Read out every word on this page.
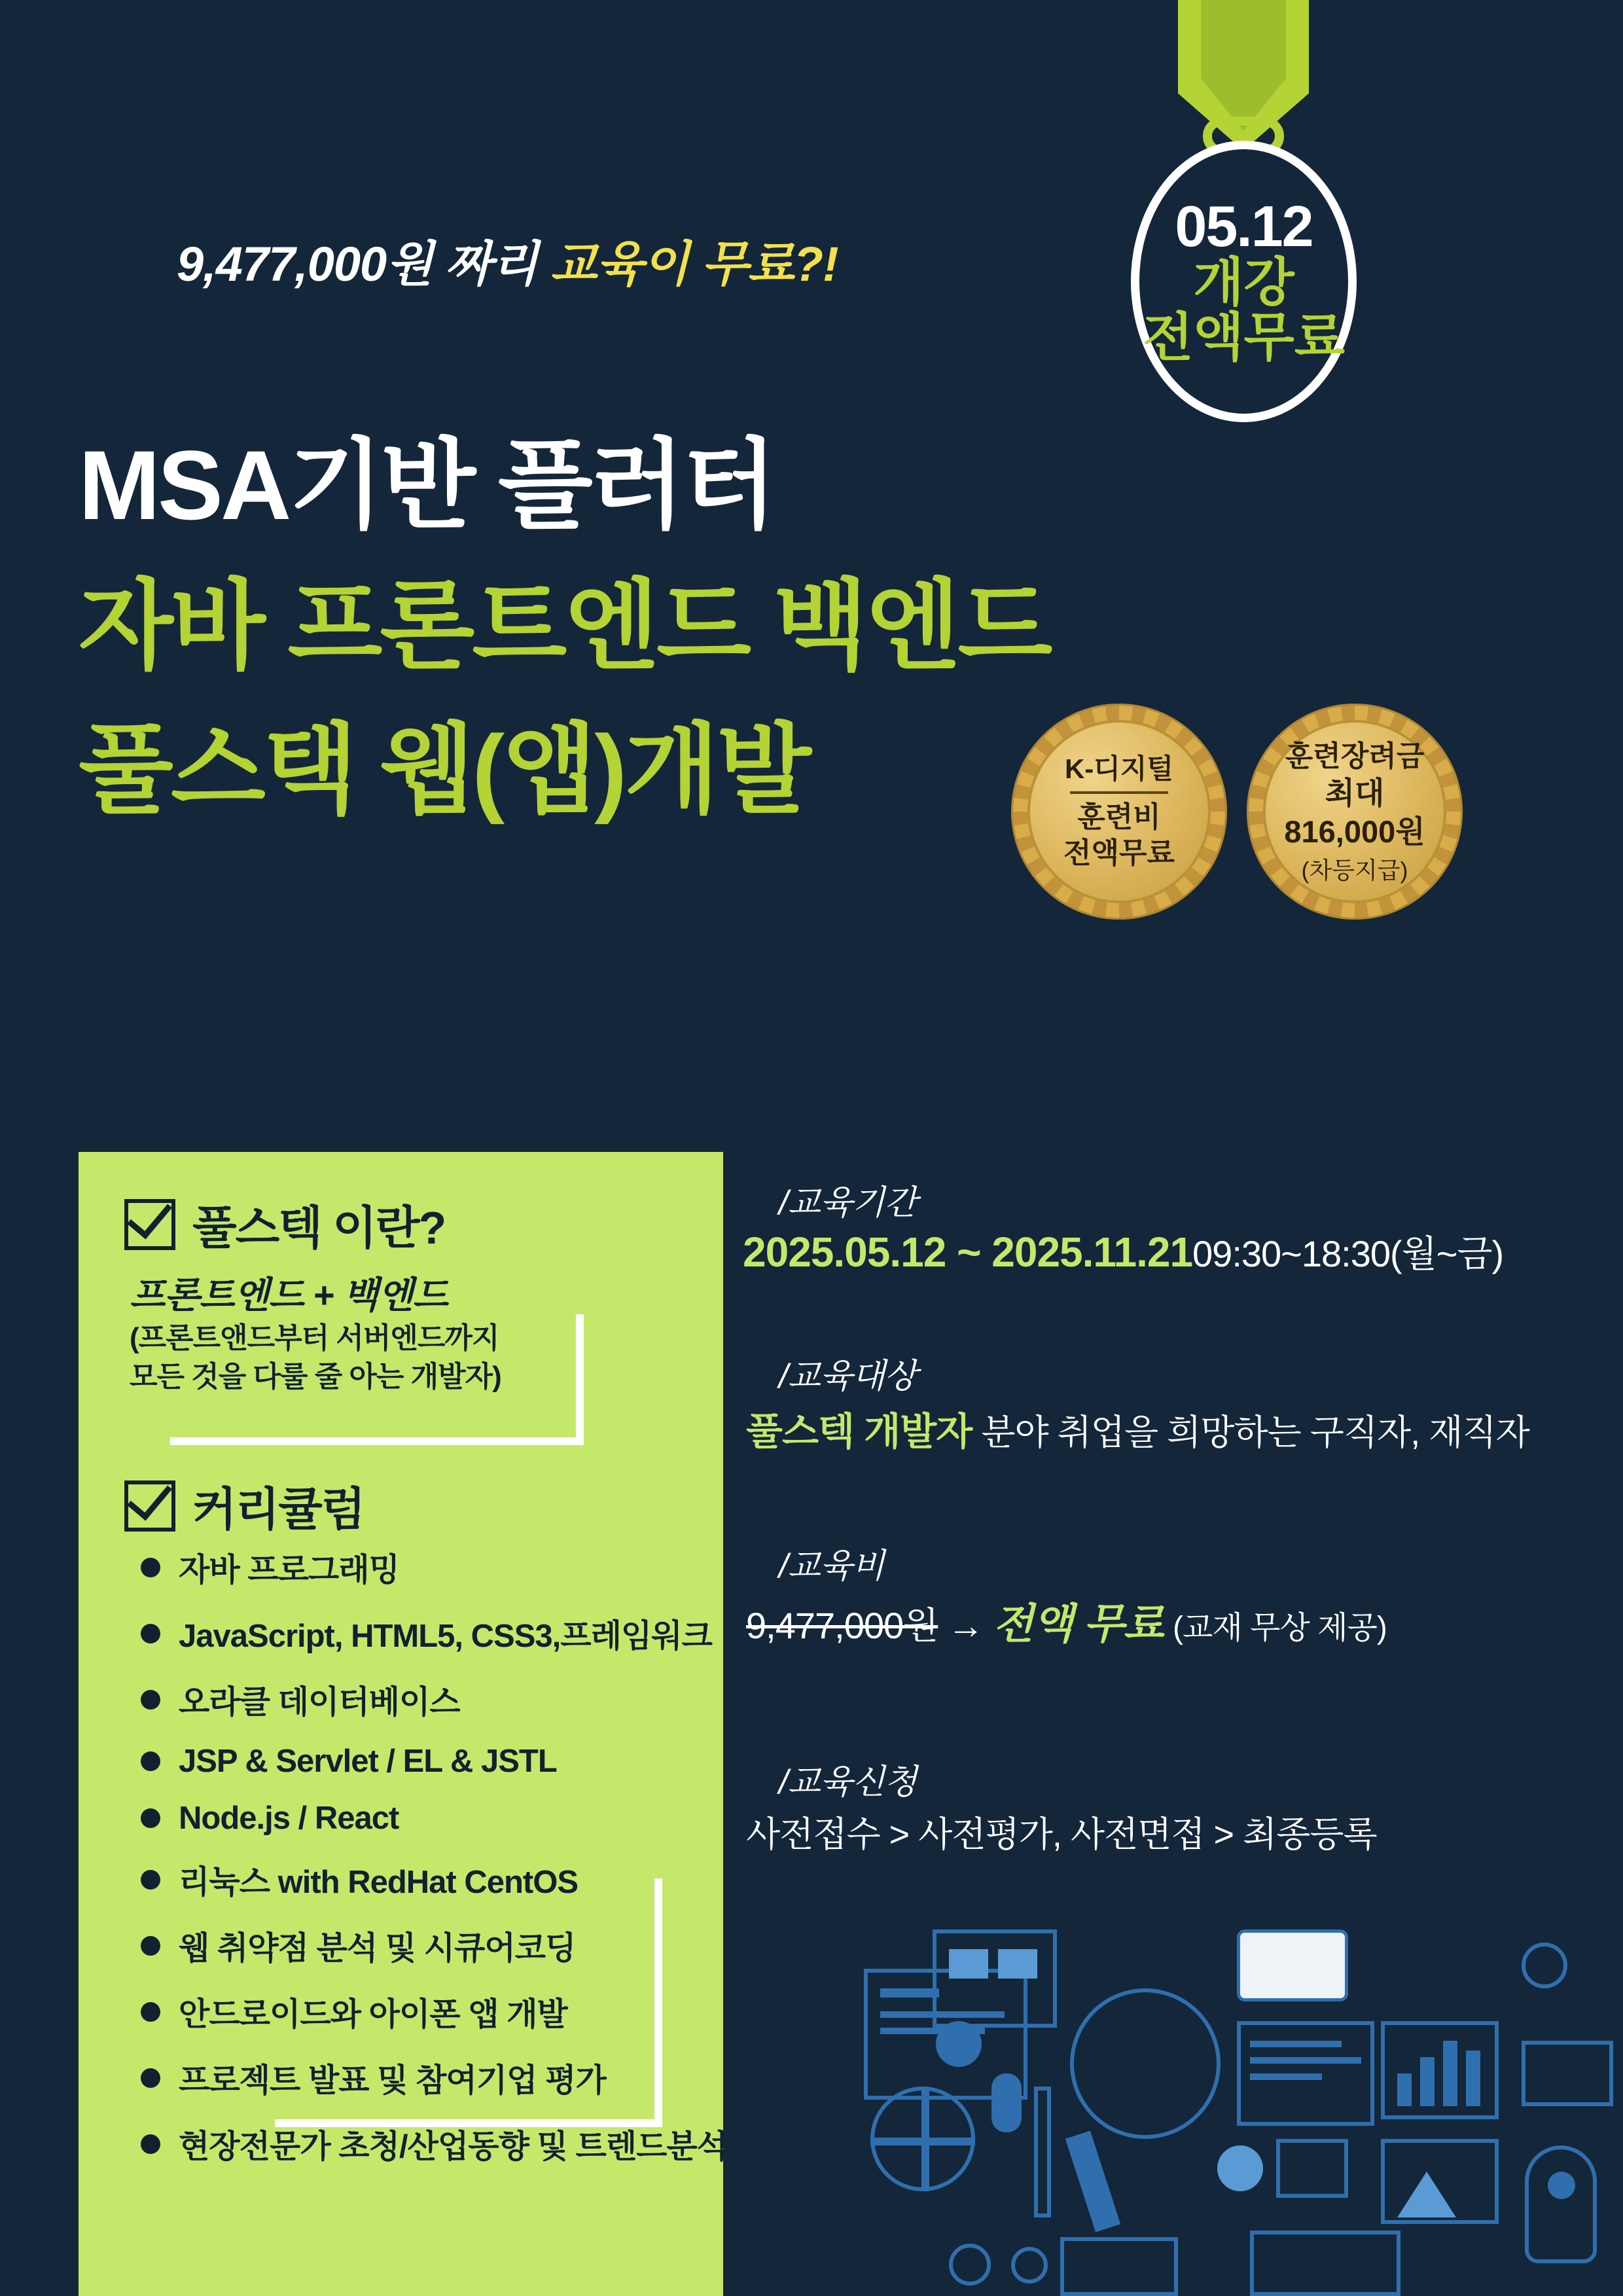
05.12
개강
전액무료
9,477,000원 짜리 교육이 무료?!
MSA기반 플러터
자바 프론트엔드 백엔드
풀스택 웹(앱)개발	K-디지털
훈련비
전액무료
훈련장려금
최대 816,000원
(차등지급)
풀스텍 이란?
프론트엔드 + 백엔드
(프론트앤드부터 서버엔드까지
모든 것을 다룰 줄 아는 개발자)
커리큘럼
자바 프로그래밍
JavaScript, HTML5, CSS3,프레임워크
오라클 데이터베이스
JSP & Servlet / EL & JSTL
Node.js / React
리눅스 with RedHat CentOS
웹 취약점 분석 및 시큐어코딩
안드로이드와 아이폰 앱 개발
프로젝트 발표 및 참여기업 평가
현장전문가 초청/산업동향 및 트렌드분석
/교육기간
2025.05.12 ~ 2025.11.2109:30~18:30(월~금)
/교육대상
풀스텍 개발자 분야 취업을 희망하는 구직자, 재직자
/교육비
9,477,000원 → 전액 무료 (교재 무상 제공)
/교육신청
사전접수 > 사전평가, 사전면접 > 최종등록
